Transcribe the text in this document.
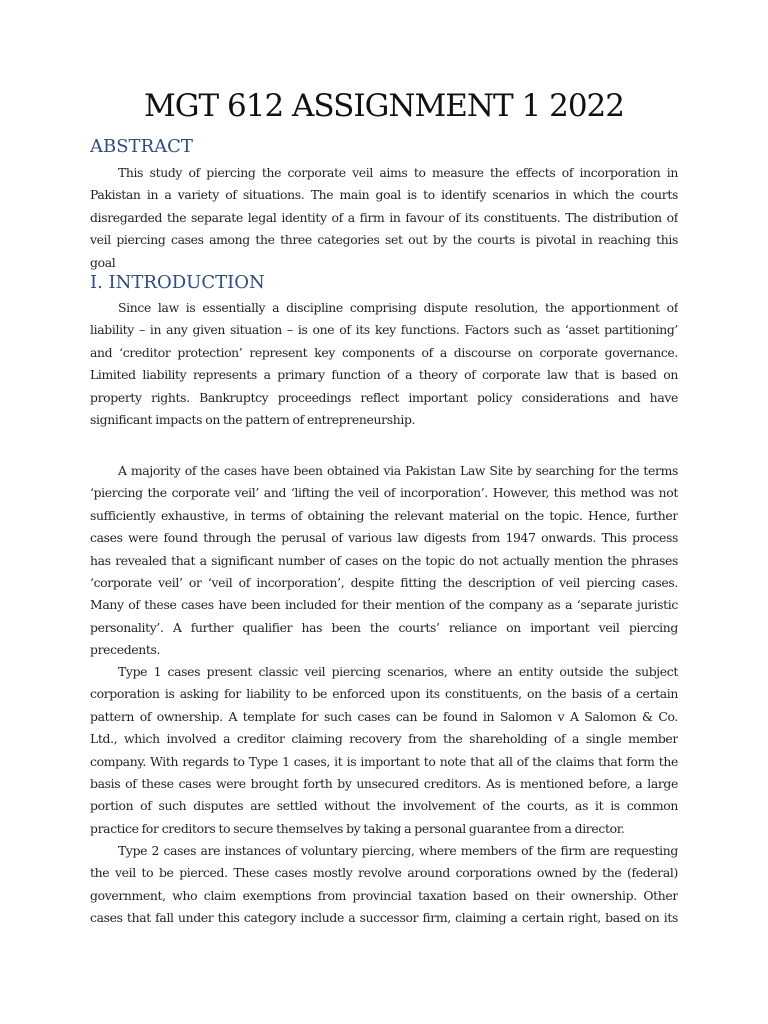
MGT 612 ASSIGNMENT 1 2022
ABSTRACT
This study of piercing the corporate veil aims to measure the effects of incorporation in
Pakistan in a variety of situations. The main goal is to identify scenarios in which the courts
disregarded the separate legal identity of a firm in favour of its constituents. The distribution of
veil piercing cases among the three categories set out by the courts is pivotal in reaching this
goal
I. INTRODUCTION
Since law is essentially a discipline comprising dispute resolution, the apportionment of
liability – in any given situation – is one of its key functions. Factors such as ‘asset partitioning’
and ‘creditor protection’ represent key components of a discourse on corporate governance.
Limited liability represents a primary function of a theory of corporate law that is based on
property rights. Bankruptcy proceedings reflect important policy considerations and have
significant impacts on the pattern of entrepreneurship.
A majority of the cases have been obtained via Pakistan Law Site by searching for the terms
‘piercing the corporate veil’ and ‘lifting the veil of incorporation’. However, this method was not
sufficiently exhaustive, in terms of obtaining the relevant material on the topic. Hence, further
cases were found through the perusal of various law digests from 1947 onwards. This process
has revealed that a significant number of cases on the topic do not actually mention the phrases
‘corporate veil’ or ‘veil of incorporation’, despite fitting the description of veil piercing cases.
Many of these cases have been included for their mention of the company as a ‘separate juristic
personality’. A further qualifier has been the courts’ reliance on important veil piercing
precedents.
Type 1 cases present classic veil piercing scenarios, where an entity outside the subject
corporation is asking for liability to be enforced upon its constituents, on the basis of a certain
pattern of ownership. A template for such cases can be found in Salomon v A Salomon & Co.
Ltd., which involved a creditor claiming recovery from the shareholding of a single member
company. With regards to Type 1 cases, it is important to note that all of the claims that form the
basis of these cases were brought forth by unsecured creditors. As is mentioned before, a large
portion of such disputes are settled without the involvement of the courts, as it is common
practice for creditors to secure themselves by taking a personal guarantee from a director.
Type 2 cases are instances of voluntary piercing, where members of the firm are requesting
the veil to be pierced. These cases mostly revolve around corporations owned by the (federal)
government, who claim exemptions from provincial taxation based on their ownership. Other
cases that fall under this category include a successor firm, claiming a certain right, based on its
